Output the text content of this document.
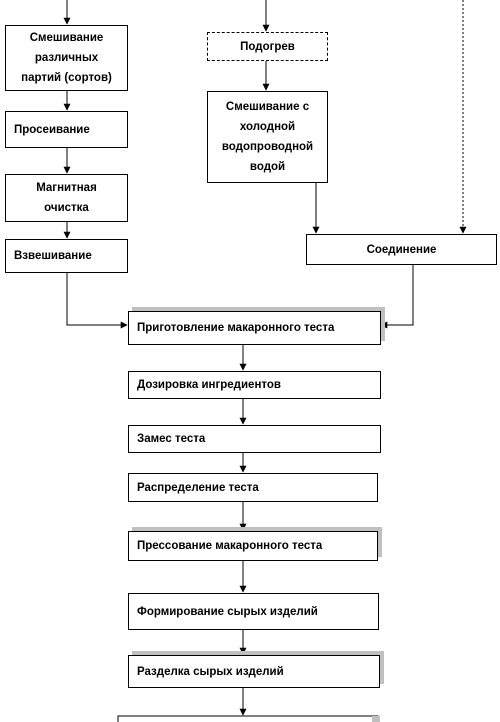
Смешивание
различных
партий (сортов)
Просеивание
Магнитная
очистка
Взвешивание
Подогрев
Смешивание с
холодной
водопроводной
водой
Соединение
Приготовление макаронного теста
Дозировка ингредиентов
Замес теста
Распределение теста
Прессование макаронного теста
Формирование сырых изделий
Разделка сырых изделий
